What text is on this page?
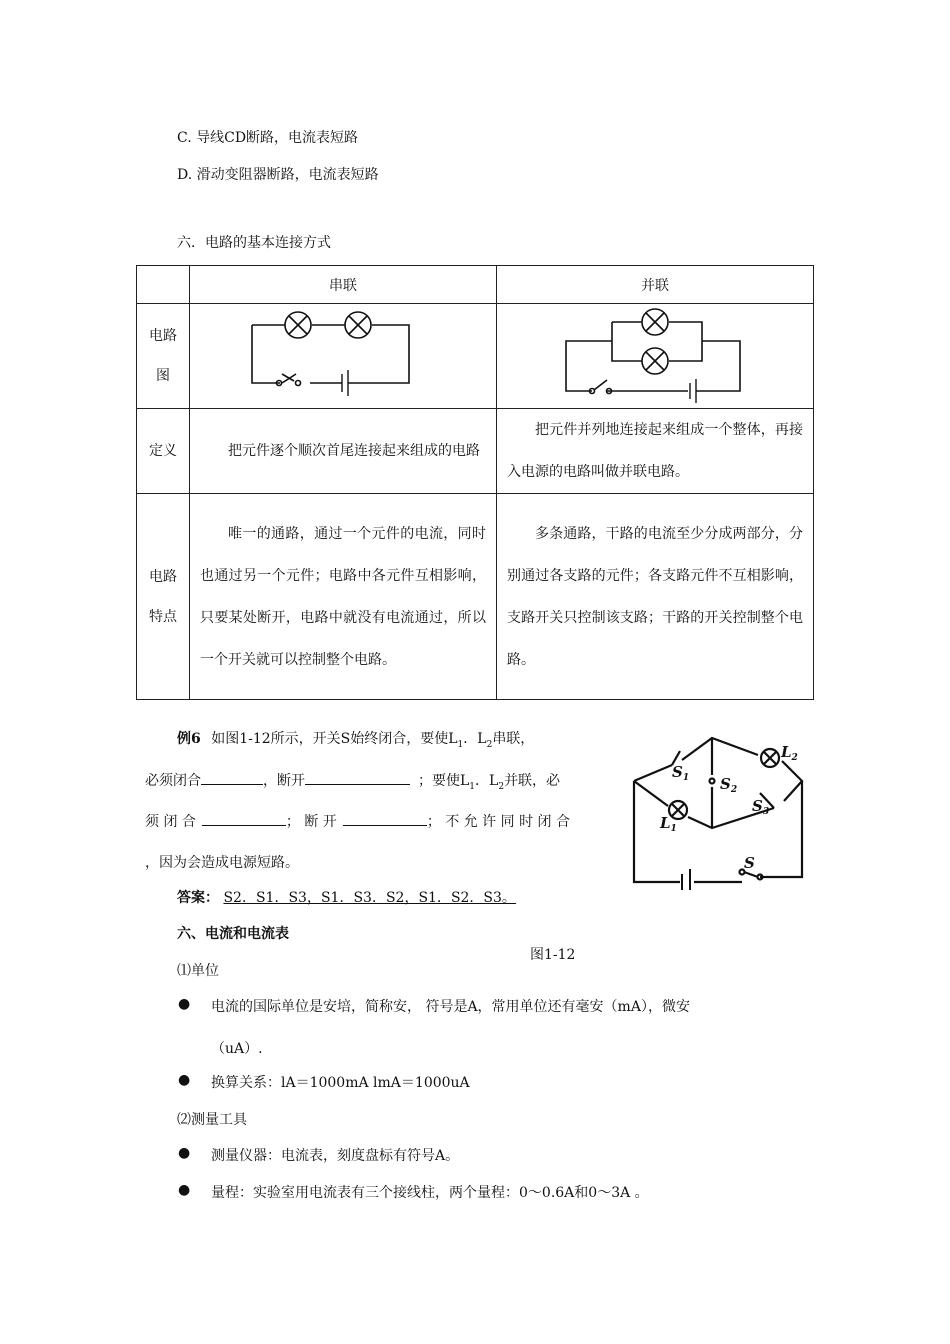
C. 导线CD断路，电流表短路
D. 滑动变阻器断路，电流表短路
六．电路的基本连接方式
	串联	并联

电路
图

定义	把元件逐个顺次首尾连接起来组成的电路	把元件并列地连接起来组成一个整体，再接入电源的电路叫做并联电路。

电路
特点	唯一的通路，通过一个元件的电流，同时也通过另一个元件；电路中各元件互相影响，只要某处断开，电路中就没有电流通过，所以一个开关就可以控制整个电路。	多条通路，干路的电流至少分成两部分，分别通过各支路的元件；各支路元件不互相影响，支路开关只控制该支路；干路的开关控制整个电路。
例6 如图1-12所示，开关S始终闭合，要使$L_1$．$L_2$串联，
必须闭合	，断开	；要使$L_1$．$L_2$并联，必
须 闭 合	； 断 开	； 不 允 许 同 时 闭 合
，因为会造成电源短路。
答案： S2．S1．S3，S1．S3．S2，S1．S2．S3。
$S_1$ $S_2$
$S_3$
$L_2$
$L_1$
S
图1-12
六、电流和电流表
⑴单位
● 电流的国际单位是安培，简称安， 符号是A，常用单位还有毫安（mA），微安
（uA）.
● 换算关系：lA＝1000mA lmA＝1000uA
⑵测量工具
● 测量仪器：电流表，刻度盘标有符号A。
● 量程：实验室用电流表有三个接线柱，两个量程：0～0.6A和0～3A 。
